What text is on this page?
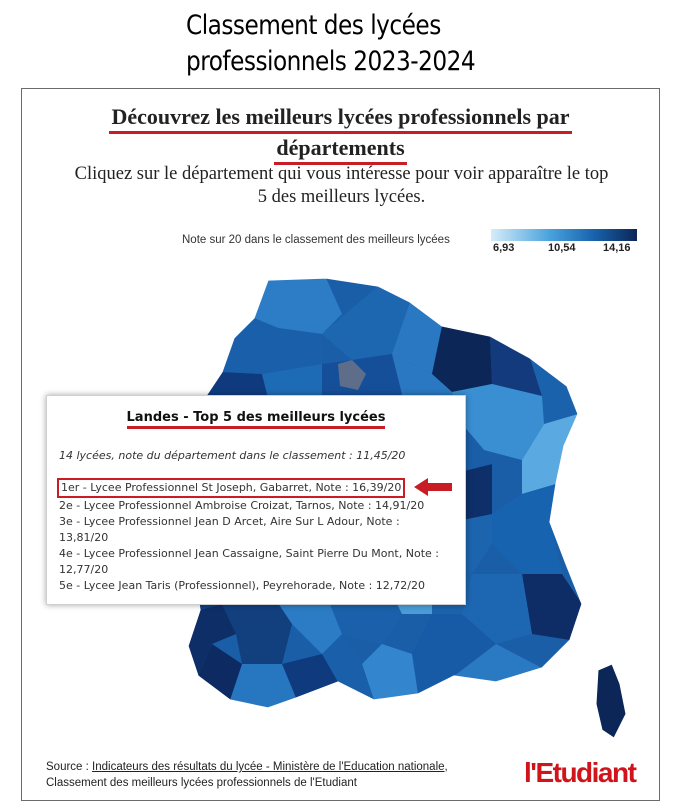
Classement des lycées
professionnels 2023-2024
Découvrez les meilleurs lycées professionnels par
départements
Cliquez sur le département qui vous intéresse pour voir apparaître le top
5 des meilleurs lycées.
Note sur 20 dans le classement des meilleurs lycées
6,93	10,54 14,16
Landes - Top 5 des meilleurs lycées
14 lycées, note du département dans le classement : 11,45/20
1er - Lycee Professionnel St Joseph, Gabarret, Note : 16,39/20
2e - Lycee Professionnel Ambroise Croizat, Tarnos, Note : 14,91/20
3e - Lycee Professionnel Jean D Arcet, Aire Sur L Adour, Note :
13,81/20
4e - Lycee Professionnel Jean Cassaigne, Saint Pierre Du Mont, Note :
12,77/20
5e - Lycee Jean Taris (Professionnel), Peyrehorade, Note : 12,72/20
Source : Indicateurs des résultats du lycée - Ministère de l'Education nationale,
Classement des meilleurs lycées professionnels de l'Etudiant	l'Etudiant
